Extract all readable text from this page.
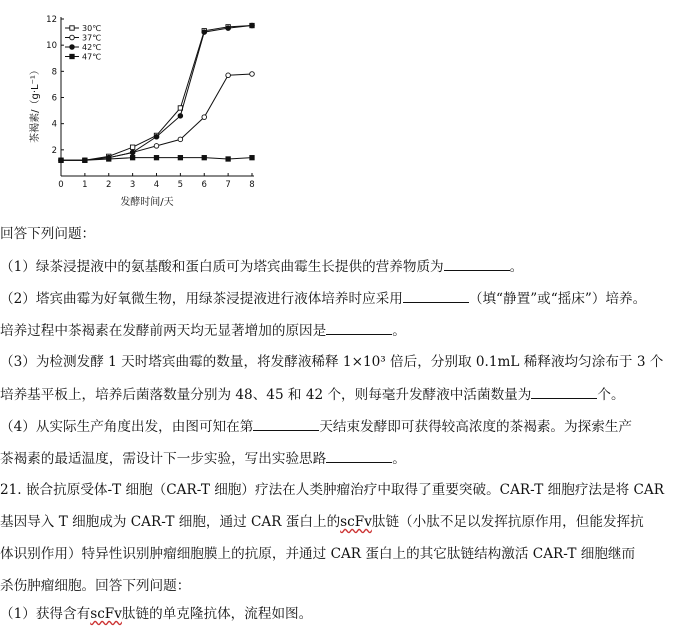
0 1 2 3 4 5 6 7 8
2
4
6
8
10
12
30℃
37℃
42℃
47℃
发酵时间/天
茶褐素/（g·L⁻¹）
回答下列问题：
（1）绿茶浸提液中的氨基酸和蛋白质可为塔宾曲霉生长提供的营养物质为	。
（2）塔宾曲霉为好氧微生物，用绿茶浸提液进行液体培养时应采用	（填“静置”或“摇床”）培养。
培养过程中茶褐素在发酵前两天均无显著增加的原因是	。
（3）为检测发酵 1 天时塔宾曲霉的数量，将发酵液稀释 1×10³ 倍后，分别取 0.1mL 稀释液均匀涂布于 3 个
培养基平板上，培养后菌落数量分别为 48、45 和 42 个，则每毫升发酵液中活菌数量为	个。
（4）从实际生产角度出发，由图可知在第	天结束发酵即可获得较高浓度的茶褐素。为探索生产
茶褐素的最适温度，需设计下一步实验，写出实验思路	。
21. 嵌合抗原受体-T 细胞（CAR-T 细胞）疗法在人类肿瘤治疗中取得了重要突破。CAR-T 细胞疗法是将 CAR
基因导入 T 细胞成为 CAR-T 细胞，通过 CAR 蛋白上的scFv肽链（小肽不足以发挥抗原作用，但能发挥抗
体识别作用）特异性识别肿瘤细胞膜上的抗原，并通过 CAR 蛋白上的其它肽链结构激活 CAR-T 细胞继而
杀伤肿瘤细胞。回答下列问题：
（1）获得含有scFv肽链的单克隆抗体，流程如图。
